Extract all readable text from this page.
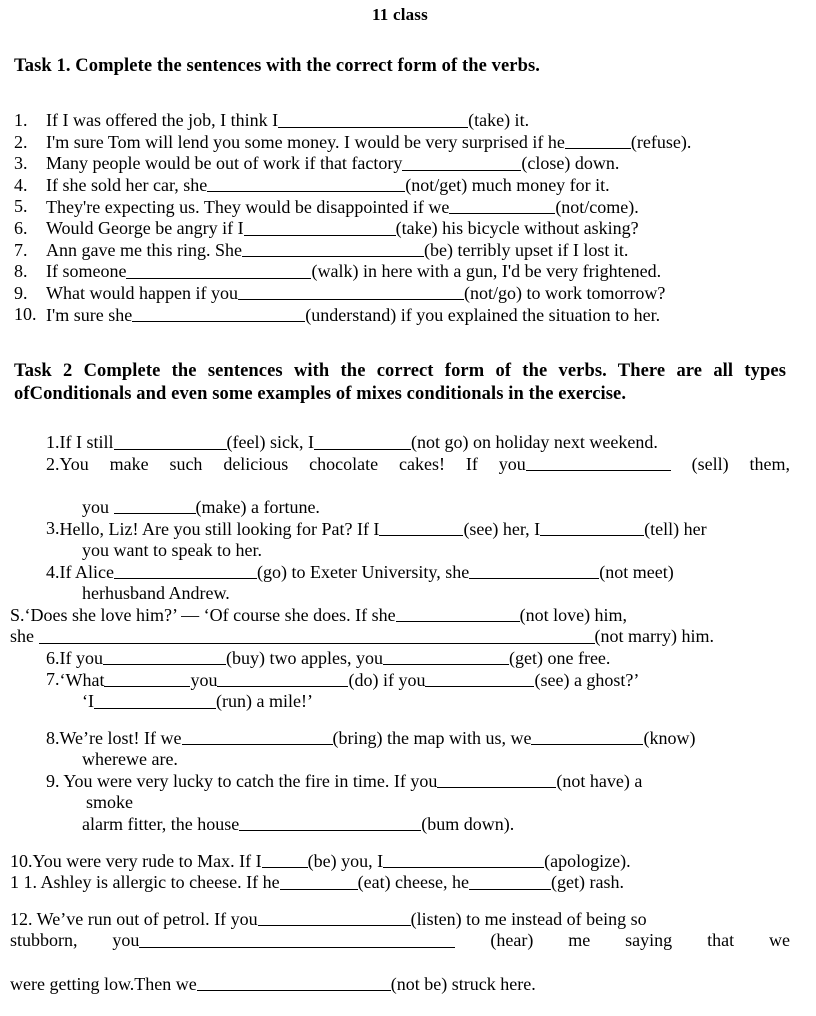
11 class
Task 1. Complete the sentences with the correct form of the verbs.
1.	If I was offered the job, I think I	(take) it.
2.	I'm sure Tom will lend you some money. I would be very surprised if he	(refuse).
3.	Many people would be out of work if that factory	(close) down.
4.	If she sold her car, she	(not/get) much money for it.
5.	They're expecting us. They would be disappointed if we	(not/come).
6.	Would George be angry if I	(take) his bicycle without asking?
7.	Ann gave me this ring. She	(be) terribly upset if I lost it.
8.	If someone	(walk) in here with a gun, I'd be very frightened.
9.	What would happen if you	(not/go) to work tomorrow?
10. I'm sure she	(understand) if you explained the situation to her.
Task 2 Complete the sentences with the correct form of the verbs. There are all types ofConditionals and even some examples of mixes conditionals in the exercise.
1.If I still	(feel) sick, I	(not go) on holiday next weekend.
2.You make such delicious chocolate cakes! If you	(sell) them,
you	(make) a fortune.
3.Hello, Liz! Are you still looking for Pat? If I	(see) her, I	(tell) her
you want to speak to her.
4.If Alice	(go) to Exeter University, she	(not meet)
herhusband Andrew.
S.‘Does she love him?’ — ‘Of course she does. If she	(not love) him,
she	(not marry) him.
6.If you	(buy) two apples, you	(get) one free.
7.‘What	you	(do) if you	(see) a ghost?’
‘I	(run) a mile!’
8.We’re lost! If we	(bring) the map with us, we	(know)
wherewe are.
9. You were very lucky to catch the fire in time. If you	(not have) a
smoke
alarm fitter, the house	(bum down).
10.You were very rude to Max. If I	(be) you, I	(apologize).
1 1. Ashley is allergic to cheese. If he	(eat) cheese, he	(get) rash.
12. We’ve run out of petrol. If you	(listen) to me instead of being so
stubborn, you	(hear) me saying that we
were getting low.Then we	(not be) struck here.
